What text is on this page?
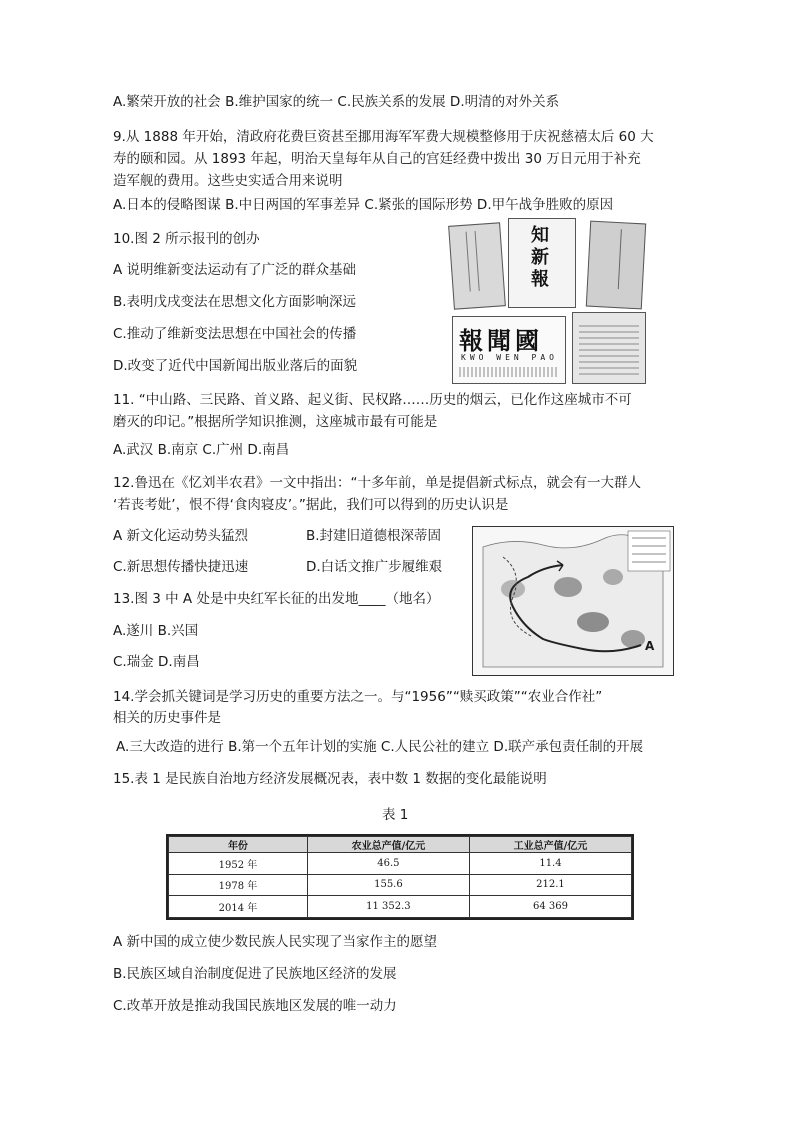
A.繁荣开放的社会 B.维护国家的统一 C.民族关系的发展 D.明清的对外关系
9.从 1888 年开始，清政府花费巨资甚至挪用海军军费大规模整修用于庆祝慈禧太后 60 大
寿的颐和园。从 1893 年起，明治天皇每年从自己的宫廷经费中拨出 30 万日元用于补充
造军舰的费用。这些史实适合用来说明
A.日本的侵略图谋 B.中日两国的军事差异 C.紧张的国际形势 D.甲午战争胜败的原因
10.图 2 所示报刊的创办
A 说明维新变法运动有了广泛的群众基础
B.表明戊戌变法在思想文化方面影响深远
C.推动了维新变法思想在中国社会的传播
D.改变了近代中国新闻出版业落后的面貌
知新報
報聞國
KWO WEN PAO
11. “中山路、三民路、首义路、起义街、民权路……历史的烟云，已化作这座城市不可
磨灭的印记。”根据所学知识推测，这座城市最有可能是
A.武汉 B.南京 C.广州 D.南昌
12.鲁迅在《忆刘半农君》一文中指出：“十多年前，单是提倡新式标点，就会有一大群人
‘若丧考妣’，恨不得‘食肉寝皮’。”据此，我们可以得到的历史认识是
A 新文化运动势头猛烈	B.封建旧道德根深蒂固
C.新思想传播快捷迅速	D.白话文推广步履维艰
13.图 3 中 A 处是中央红军长征的出发地____（地名）
A.遂川 B.兴国
C.瑞金 D.南昌
A
14.学会抓关键词是学习历史的重要方法之一。与“1956”“赎买政策”“农业合作社”
相关的历史事件是
A.三大改造的进行 B.第一个五年计划的实施 C.人民公社的建立 D.联产承包责任制的开展
15.表 1 是民族自治地方经济发展概况表，表中数 1 数据的变化最能说明
表 1
年份	农业总产值/亿元	工业总产值/亿元
1952 年	46.5	11.4
1978 年	155.6	212.1
2014 年	11 352.3	64 369
A 新中国的成立使少数民族人民实现了当家作主的愿望
B.民族区域自治制度促进了民族地区经济的发展
C.改革开放是推动我国民族地区发展的唯一动力
